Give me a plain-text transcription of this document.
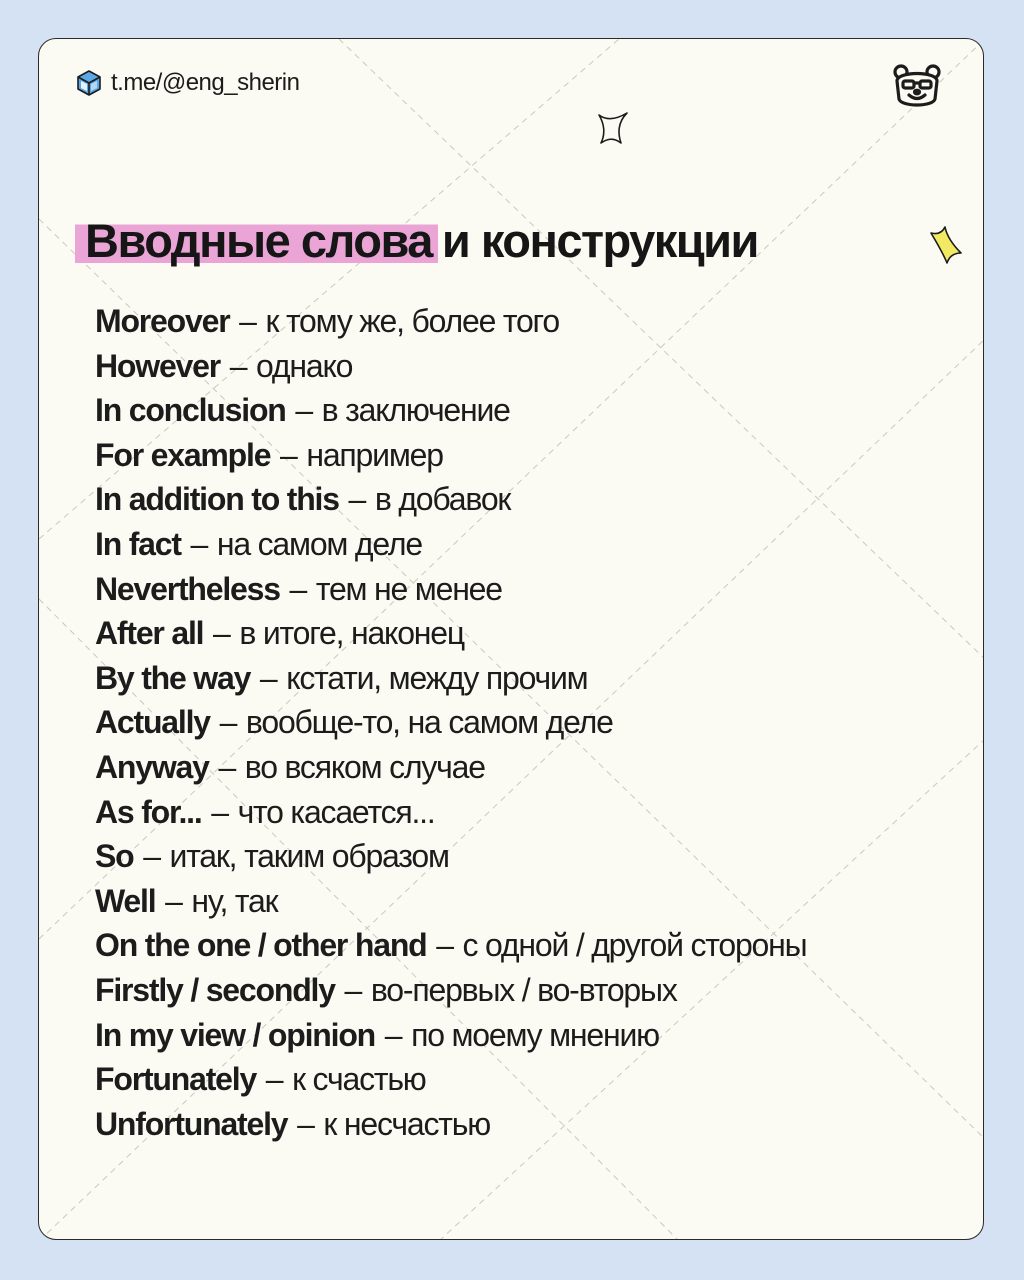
t.me/@eng_sherin
Вводные слова и конструкции
Moreover – к тому же, более того
However – однако
In conclusion – в заключение
For example – например
In addition to this – в добавок
In fact – на самом деле
Nevertheless – тем не менее
After all – в итоге, наконец
By the way – кстати, между прочим
Actually – вообще-то, на самом деле
Anyway – во всяком случае
As for... – что касается...
So – итак, таким образом
Well – ну, так
On the one / other hand – с одной / другой стороны
Firstly / secondly – во-первых / во-вторых
In my view / opinion – по моему мнению
Fortunately – к счастью
Unfortunately – к несчастью
